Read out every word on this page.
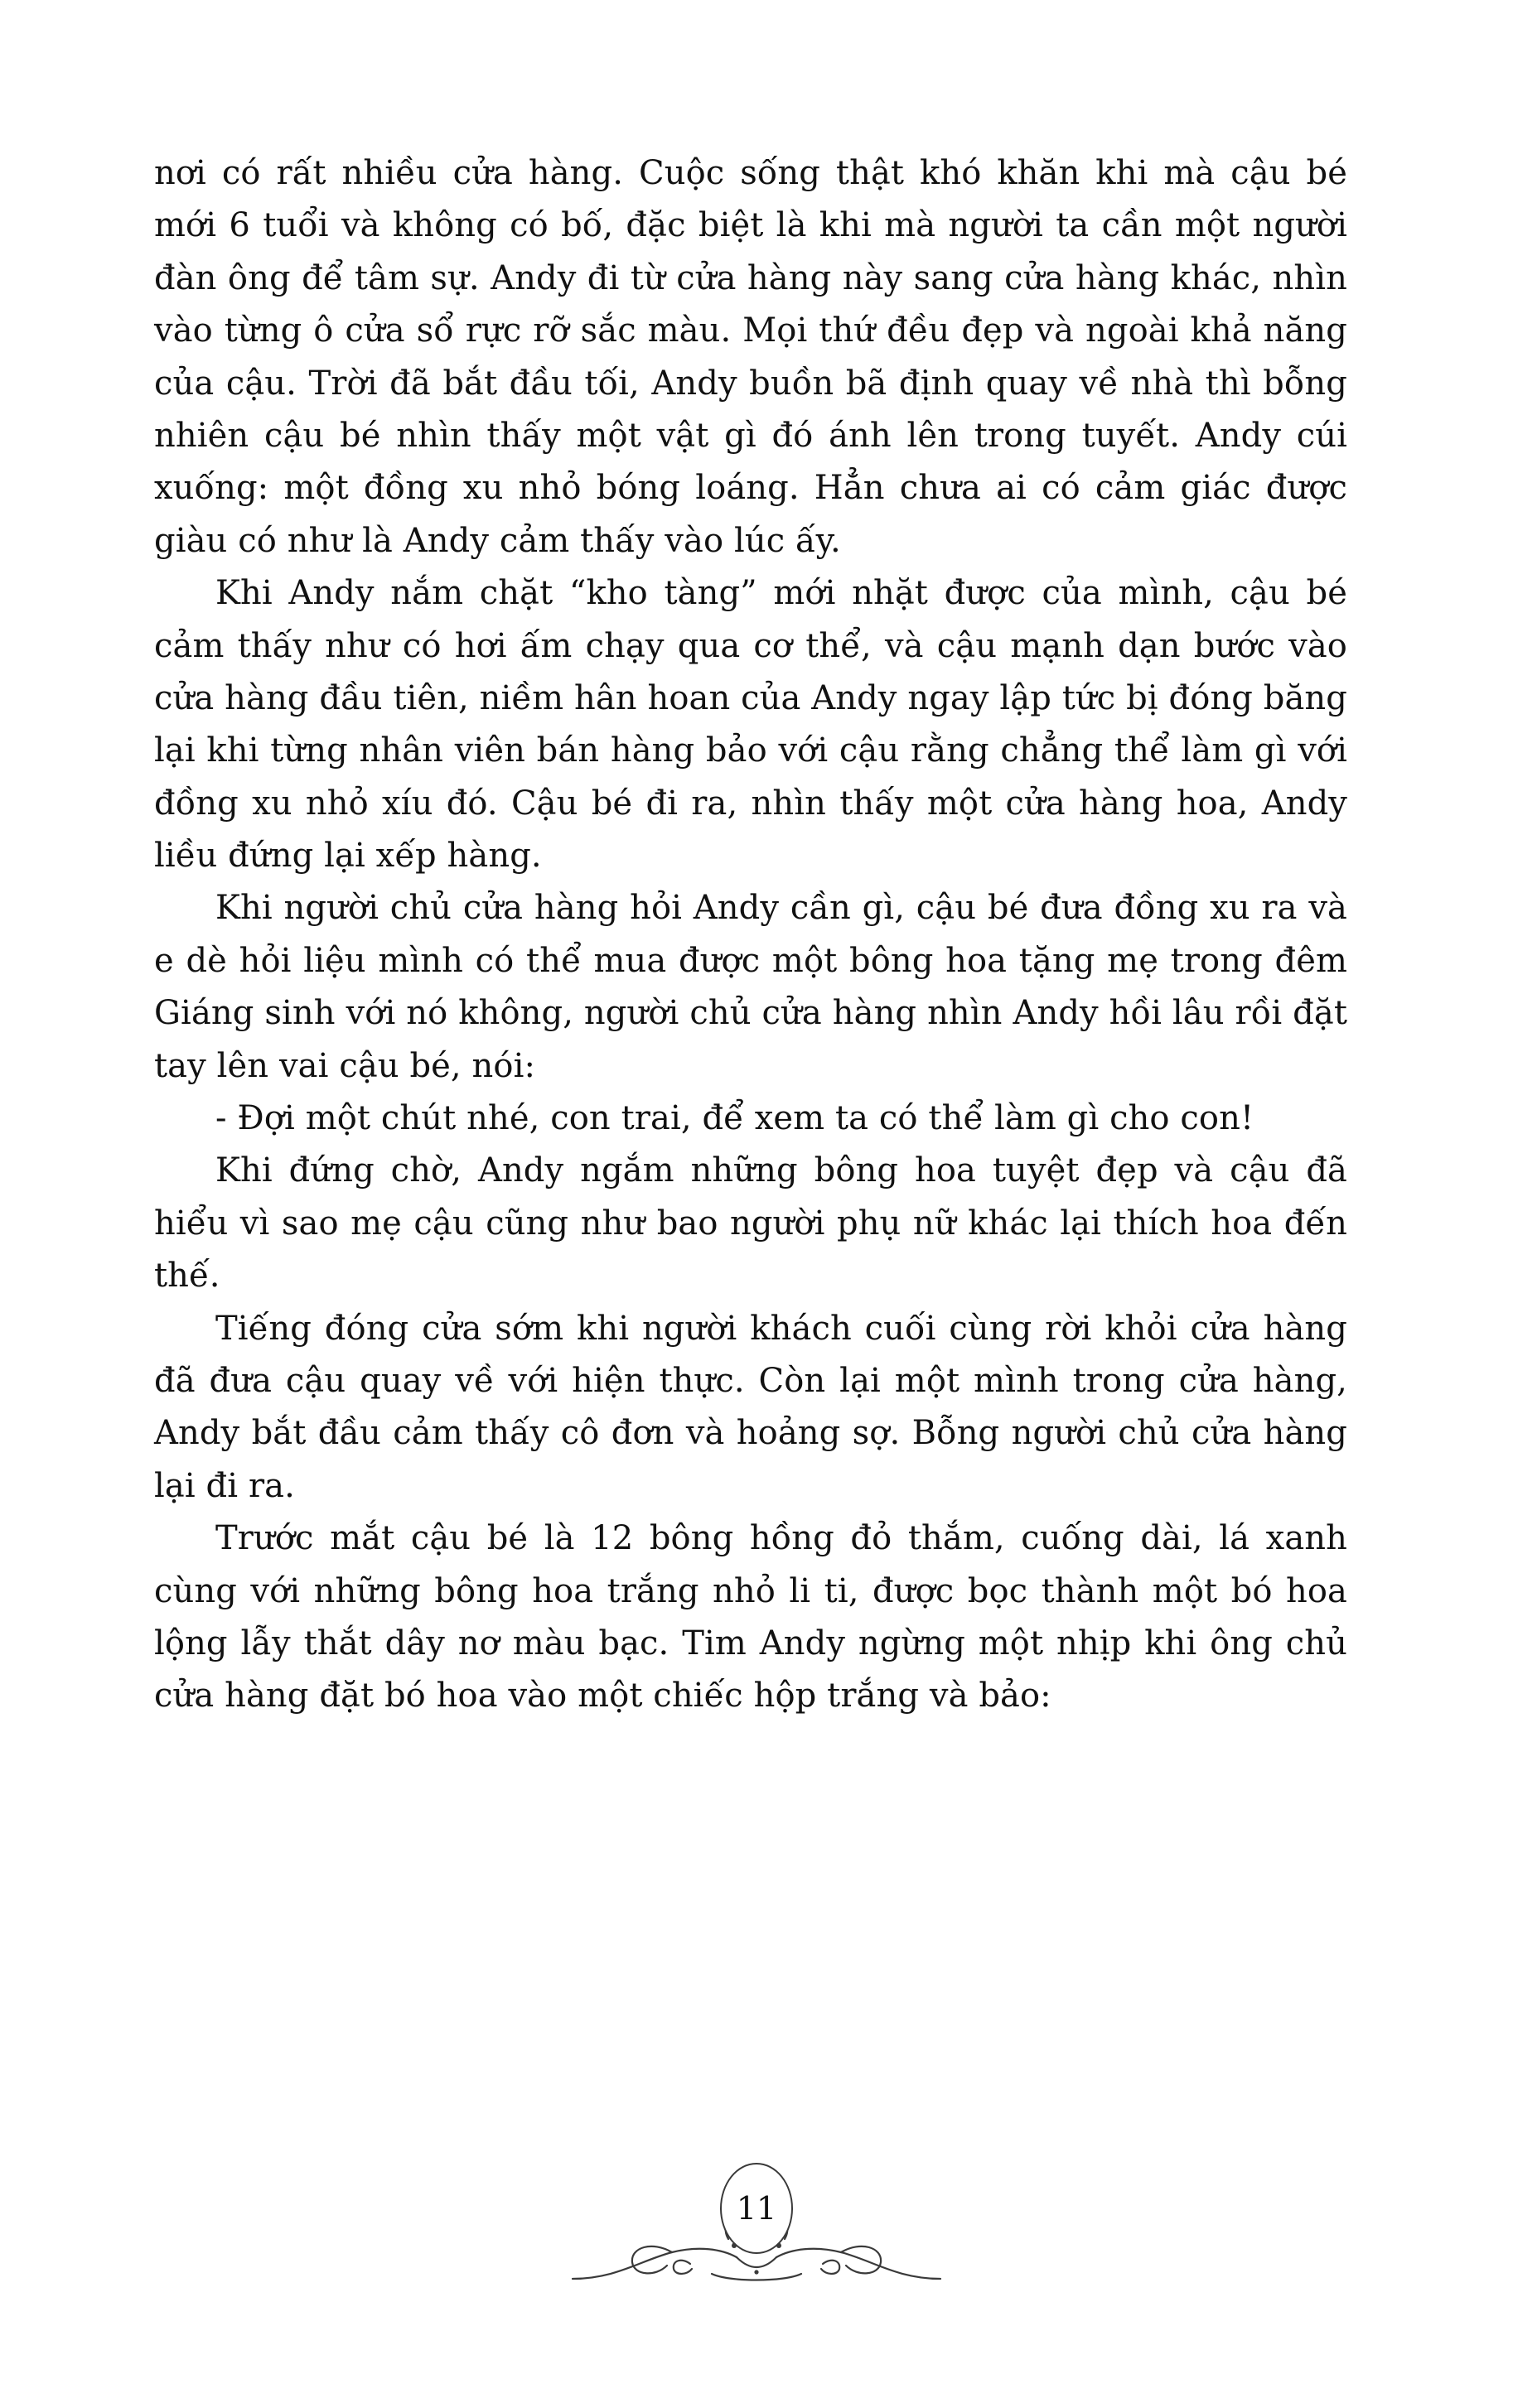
nơi có rất nhiều cửa hàng. Cuộc sống thật khó khăn khi mà cậu bé mới 6 tuổi và không có bố, đặc biệt là khi mà người ta cần một người đàn ông để tâm sự. Andy đi từ cửa hàng này sang cửa hàng khác, nhìn vào từng ô cửa sổ rực rỡ sắc màu. Mọi thứ đều đẹp và ngoài khả năng của cậu. Trời đã bắt đầu tối, Andy buồn bã định quay về nhà thì bỗng nhiên cậu bé nhìn thấy một vật gì đó ánh lên trong tuyết. Andy cúi xuống: một đồng xu nhỏ bóng loáng. Hẳn chưa ai có cảm giác được giàu có như là Andy cảm thấy vào lúc ấy.

Khi Andy nắm chặt “kho tàng” mới nhặt được của mình, cậu bé cảm thấy như có hơi ấm chạy qua cơ thể, và cậu mạnh dạn bước vào cửa hàng đầu tiên, niềm hân hoan của Andy ngay lập tức bị đóng băng lại khi từng nhân viên bán hàng bảo với cậu rằng chẳng thể làm gì với đồng xu nhỏ xíu đó. Cậu bé đi ra, nhìn thấy một cửa hàng hoa, Andy liều đứng lại xếp hàng.

Khi người chủ cửa hàng hỏi Andy cần gì, cậu bé đưa đồng xu ra và e dè hỏi liệu mình có thể mua được một bông hoa tặng mẹ trong đêm Giáng sinh với nó không, người chủ cửa hàng nhìn Andy hồi lâu rồi đặt tay lên vai cậu bé, nói:

- Đợi một chút nhé, con trai, để xem ta có thể làm gì cho con!

Khi đứng chờ, Andy ngắm những bông hoa tuyệt đẹp và cậu đã hiểu vì sao mẹ cậu cũng như bao người phụ nữ khác lại thích hoa đến thế.

Tiếng đóng cửa sớm khi người khách cuối cùng rời khỏi cửa hàng đã đưa cậu quay về với hiện thực. Còn lại một mình trong cửa hàng, Andy bắt đầu cảm thấy cô đơn và hoảng sợ. Bỗng người chủ cửa hàng lại đi ra.

Trước mắt cậu bé là 12 bông hồng đỏ thắm, cuống dài, lá xanh cùng với những bông hoa trắng nhỏ li ti, được bọc thành một bó hoa lộng lẫy thắt dây nơ màu bạc. Tim Andy ngừng một nhịp khi ông chủ cửa hàng đặt bó hoa vào một chiếc hộp trắng và bảo:

11
